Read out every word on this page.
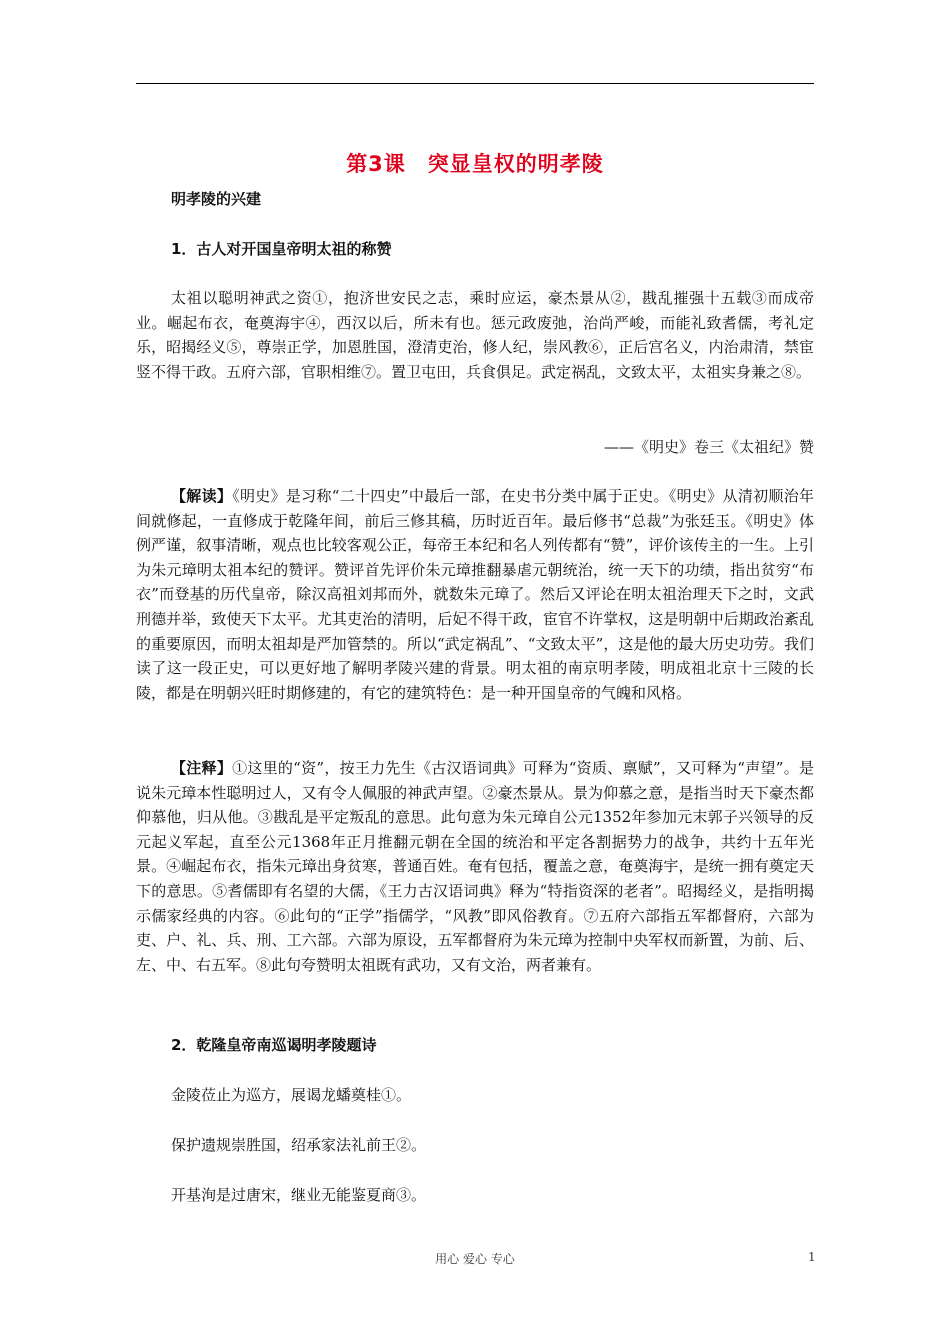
第3课　突显皇权的明孝陵
明孝陵的兴建
1．古人对开国皇帝明太祖的称赞
太祖以聪明神武之资①，抱济世安民之志，乘时应运，豪杰景从②，戡乱摧强十五载③而成帝业。崛起布衣，奄奠海宇④，西汉以后，所未有也。惩元政废弛，治尚严峻，而能礼致耆儒，考礼定乐，昭揭经义⑤，尊崇正学，加恩胜国，澄清吏治，修人纪，崇风教⑥，正后宫名义，内治肃清，禁宦竖不得干政。五府六部，官职相维⑦。置卫屯田，兵食俱足。武定祸乱，文致太平，太祖实身兼之⑧。
——《明史》卷三《太祖纪》赞
【解读】《明史》是习称“二十四史”中最后一部，在史书分类中属于正史。《明史》从清初顺治年间就修起，一直修成于乾隆年间，前后三修其稿，历时近百年。最后修书“总裁”为张廷玉。《明史》体例严谨，叙事清晰，观点也比较客观公正，每帝王本纪和名人列传都有“赞”，评价该传主的一生。上引为朱元璋明太祖本纪的赞评。赞评首先评价朱元璋推翻暴虐元朝统治，统一天下的功绩，指出贫穷“布衣”而登基的历代皇帝，除汉高祖刘邦而外，就数朱元璋了。然后又评论在明太祖治理天下之时，文武刑德并举，致使天下太平。尤其吏治的清明，后妃不得干政，宦官不许掌权，这是明朝中后期政治紊乱的重要原因，而明太祖却是严加管禁的。所以“武定祸乱”、“文致太平”，这是他的最大历史功劳。我们读了这一段正史，可以更好地了解明孝陵兴建的背景。明太祖的南京明孝陵，明成祖北京十三陵的长陵，都是在明朝兴旺时期修建的，有它的建筑特色：是一种开国皇帝的气魄和风格。
【注释】①这里的“资”，按王力先生《古汉语词典》可释为“资质、禀赋”，又可释为“声望”。是说朱元璋本性聪明过人，又有令人佩服的神武声望。②豪杰景从。景为仰慕之意，是指当时天下豪杰都仰慕他，归从他。③戡乱是平定叛乱的意思。此句意为朱元璋自公元1352年参加元末郭子兴领导的反元起义军起，直至公元1368年正月推翻元朝在全国的统治和平定各割据势力的战争，共约十五年光景。④崛起布衣，指朱元璋出身贫寒，普通百姓。奄有包括，覆盖之意，奄奠海宇，是统一拥有奠定天下的意思。⑤耆儒即有名望的大儒，《王力古汉语词典》释为“特指资深的老者”。昭揭经义，是指明揭示儒家经典的内容。⑥此句的“正学”指儒学，“风教”即风俗教育。⑦五府六部指五军都督府，六部为吏、户、礼、兵、刑、工六部。六部为原设，五军都督府为朱元璋为控制中央军权而新置，为前、后、左、中、右五军。⑧此句夸赞明太祖既有武功，又有文治，两者兼有。
2．乾隆皇帝南巡谒明孝陵题诗
金陵莅止为巡方，展谒龙蟠奠桂①。
保护遗规崇胜国，绍承家法礼前王②。
开基洵是过唐宋，继业无能鉴夏商③。
用心 爱心 专心	1
